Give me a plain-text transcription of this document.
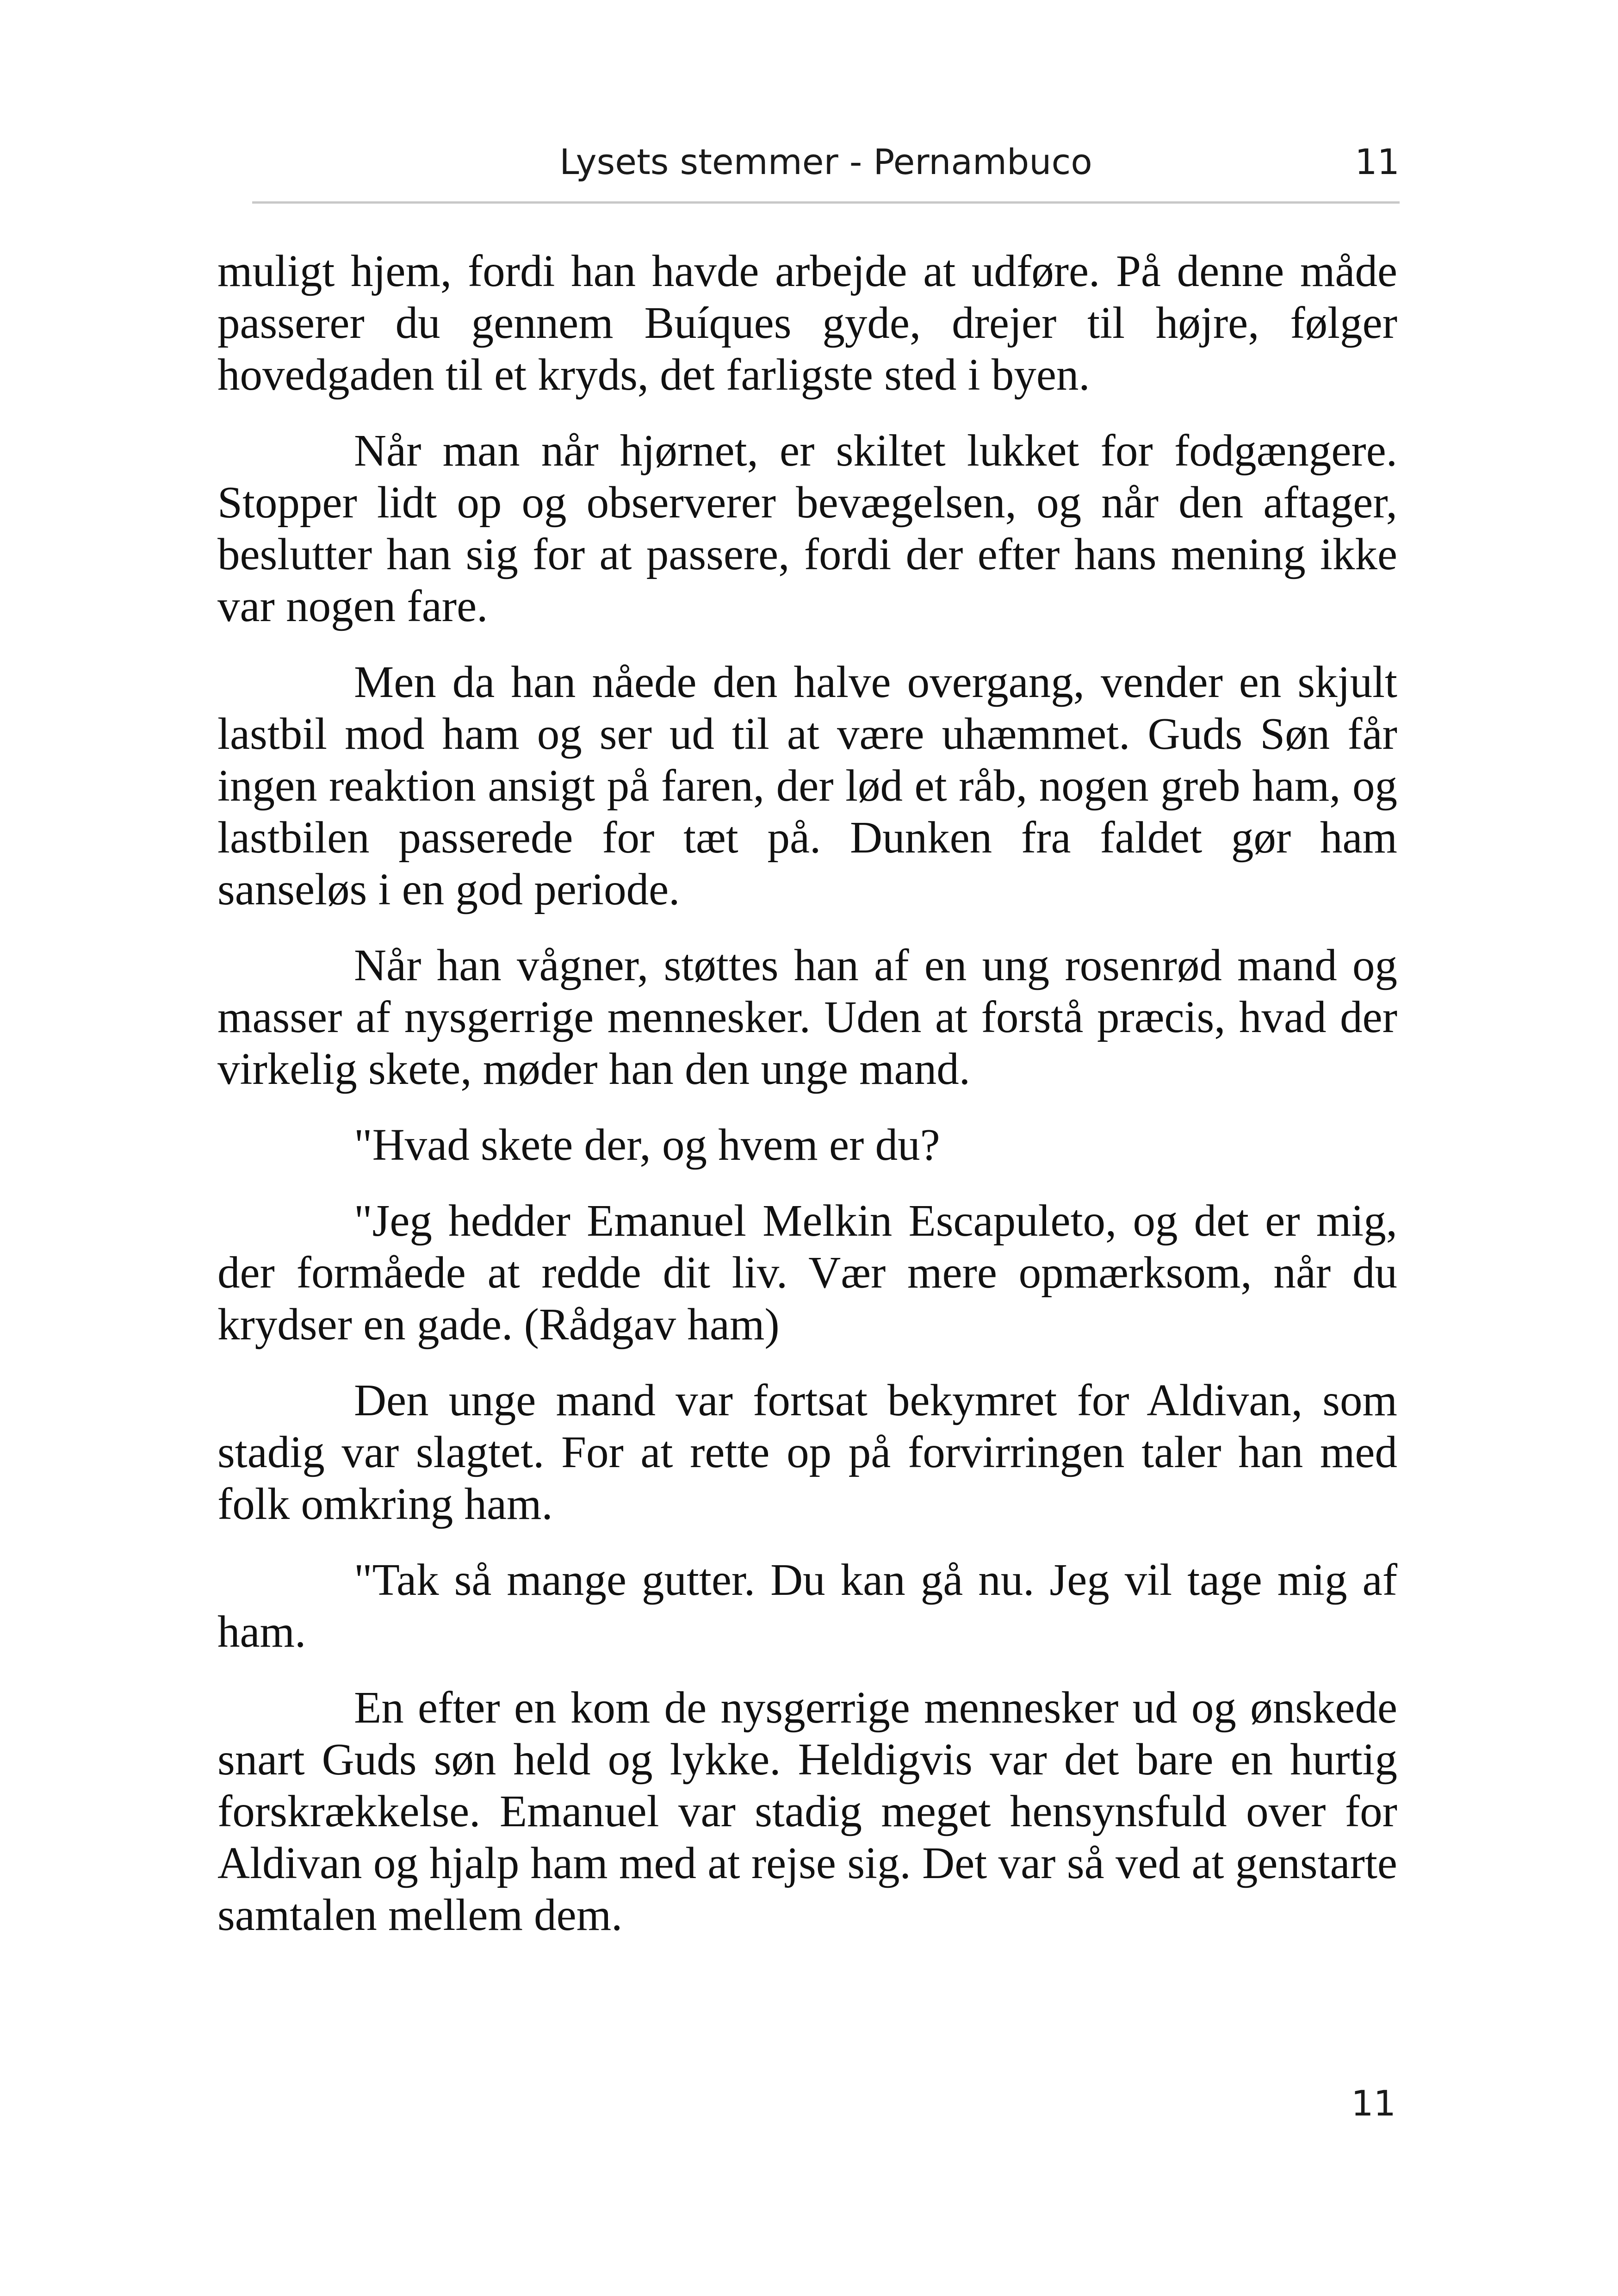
Lysets stemmer - Pernambuco	11

muligt hjem, fordi han havde arbejde at udføre. På denne måde passerer du gennem Buíques gyde, drejer til højre, følger hovedgaden til et kryds, det farligste sted i byen.

Når man når hjørnet, er skiltet lukket for fodgængere. Stopper lidt op og observerer bevægelsen, og når den aftager, beslutter han sig for at passere, fordi der efter hans mening ikke var nogen fare.

Men da han nåede den halve overgang, vender en skjult lastbil mod ham og ser ud til at være uhæmmet. Guds Søn får ingen reaktion ansigt på faren, der lød et råb, nogen greb ham, og lastbilen passerede for tæt på. Dunken fra faldet gør ham sanseløs i en god periode.

Når han vågner, støttes han af en ung rosenrød mand og masser af nysgerrige mennesker. Uden at forstå præcis, hvad der virkelig skete, møder han den unge mand.

"Hvad skete der, og hvem er du?

"Jeg hedder Emanuel Melkin Escapuleto, og det er mig, der formåede at redde dit liv. Vær mere opmærksom, når du krydser en gade. (Rådgav ham)

Den unge mand var fortsat bekymret for Aldivan, som stadig var slagtet. For at rette op på forvirringen taler han med folk omkring ham.

"Tak så mange gutter. Du kan gå nu. Jeg vil tage mig af ham.

En efter en kom de nysgerrige mennesker ud og ønskede snart Guds søn held og lykke. Heldigvis var det bare en hurtig forskrækkelse. Emanuel var stadig meget hensynsfuld over for Aldivan og hjalp ham med at rejse sig. Det var så ved at genstarte samtalen mellem dem.

11
